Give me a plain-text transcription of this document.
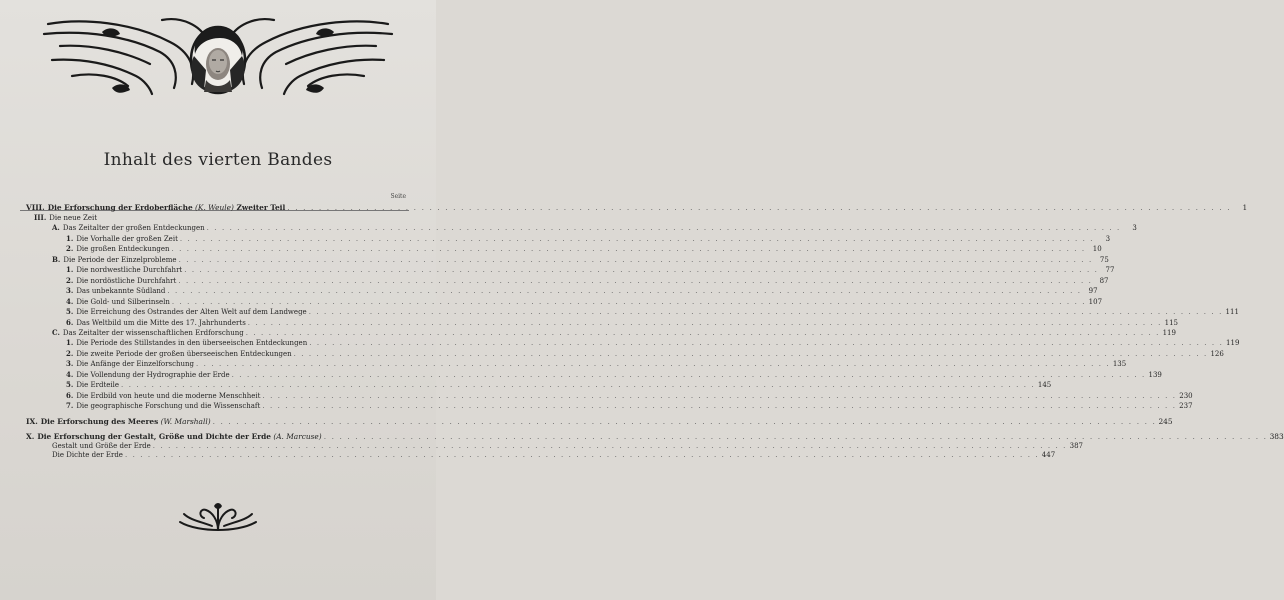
Inhalt des vierten Bandes
Seite
VIII. Die Erforschung der Erdoberfläche (K. Weule) Zweiter Teil . . . . . . . . . . . . . . . . . . . . . . . . . . . . . . . . . . . . . . . . . . . . . . . . . . . . . . . . . . . . . . . . . . . . . . . . . . . . . . . . . . . . . . . . . . . . . . . . . . . . . . . . . . . . . . . . . . . . . . . .	1
III. Die neue Zeit
A. Das Zeitalter der großen Entdeckungen . . . . . . . . . . . . . . . . . . . . . . . . . . . . . . . . . . . . . . . . . . . . . . . . . . . . . . . . . . . . . . . . . . . . . . . . . . . . . . . . . . . . . . . . . . . . . . . . . . . . . . . . . . . . . . . . . . . . . . . .	3
1. Die Vorhalle der großen Zeit . . . . . . . . . . . . . . . . . . . . . . . . . . . . . . . . . . . . . . . . . . . . . . . . . . . . . . . . . . . . . . . . . . . . . . . . . . . . . . . . . . . . . . . . . . . . . . . . . . . . . . . . . . . . . . . . . . . . . . . .	3
2. Die großen Entdeckungen . . . . . . . . . . . . . . . . . . . . . . . . . . . . . . . . . . . . . . . . . . . . . . . . . . . . . . . . . . . . . . . . . . . . . . . . . . . . . . . . . . . . . . . . . . . . . . . . . . . . . . . . . . . . . . . . . . . . . . . .	10
B. Die Periode der Einzelprobleme . . . . . . . . . . . . . . . . . . . . . . . . . . . . . . . . . . . . . . . . . . . . . . . . . . . . . . . . . . . . . . . . . . . . . . . . . . . . . . . . . . . . . . . . . . . . . . . . . . . . . . . . . . . . . . . . . . . . . . . .	75
1. Die nordwestliche Durchfahrt . . . . . . . . . . . . . . . . . . . . . . . . . . . . . . . . . . . . . . . . . . . . . . . . . . . . . . . . . . . . . . . . . . . . . . . . . . . . . . . . . . . . . . . . . . . . . . . . . . . . . . . . . . . . . . . . . . . . . . . .	77
2. Die nordöstliche Durchfahrt . . . . . . . . . . . . . . . . . . . . . . . . . . . . . . . . . . . . . . . . . . . . . . . . . . . . . . . . . . . . . . . . . . . . . . . . . . . . . . . . . . . . . . . . . . . . . . . . . . . . . . . . . . . . . . . . . . . . . . . .	87
3. Das unbekannte Südland . . . . . . . . . . . . . . . . . . . . . . . . . . . . . . . . . . . . . . . . . . . . . . . . . . . . . . . . . . . . . . . . . . . . . . . . . . . . . . . . . . . . . . . . . . . . . . . . . . . . . . . . . . . . . . . . . . . . . . . .	97
4. Die Gold- und Silberinseln . . . . . . . . . . . . . . . . . . . . . . . . . . . . . . . . . . . . . . . . . . . . . . . . . . . . . . . . . . . . . . . . . . . . . . . . . . . . . . . . . . . . . . . . . . . . . . . . . . . . . . . . . . . . . . . . . . . . . . . . 107
5. Die Erreichung des Ostrandes der Alten Welt auf dem Landwege . . . . . . . . . . . . . . . . . . . . . . . . . . . . . . . . . . . . . . . . . . . . . . . . . . . . . . . . . . . . . . . . . . . . . . . . . . . . . . . . . . . . . . . . . . . . . . . . . . . . . . . . . . . . . . . . . . . . . . . . 111
6. Das Weltbild um die Mitte des 17. Jahrhunderts . . . . . . . . . . . . . . . . . . . . . . . . . . . . . . . . . . . . . . . . . . . . . . . . . . . . . . . . . . . . . . . . . . . . . . . . . . . . . . . . . . . . . . . . . . . . . . . . . . . . . . . . . . . . . . . . . . . . . . . . 115
C. Das Zeitalter der wissenschaftlichen Erdforschung . . . . . . . . . . . . . . . . . . . . . . . . . . . . . . . . . . . . . . . . . . . . . . . . . . . . . . . . . . . . . . . . . . . . . . . . . . . . . . . . . . . . . . . . . . . . . . . . . . . . . . . . . . . . . . . . . . . . . . . . 119
1. Die Periode des Stillstandes in den überseeischen Entdeckungen . . . . . . . . . . . . . . . . . . . . . . . . . . . . . . . . . . . . . . . . . . . . . . . . . . . . . . . . . . . . . . . . . . . . . . . . . . . . . . . . . . . . . . . . . . . . . . . . . . . . . . . . . . . . . . . . . . . . . . . . 119
2. Die zweite Periode der großen überseeischen Entdeckungen . . . . . . . . . . . . . . . . . . . . . . . . . . . . . . . . . . . . . . . . . . . . . . . . . . . . . . . . . . . . . . . . . . . . . . . . . . . . . . . . . . . . . . . . . . . . . . . . . . . . . . . . . . . . . . . . . . . . . . . . 126
3. Die Anfänge der Einzelforschung . . . . . . . . . . . . . . . . . . . . . . . . . . . . . . . . . . . . . . . . . . . . . . . . . . . . . . . . . . . . . . . . . . . . . . . . . . . . . . . . . . . . . . . . . . . . . . . . . . . . . . . . . . . . . . . . . . . . . . . . 135
4. Die Vollendung der Hydrographie der Erde . . . . . . . . . . . . . . . . . . . . . . . . . . . . . . . . . . . . . . . . . . . . . . . . . . . . . . . . . . . . . . . . . . . . . . . . . . . . . . . . . . . . . . . . . . . . . . . . . . . . . . . . . . . . . . . . . . . . . . . . 139
5. Die Erdteile . . . . . . . . . . . . . . . . . . . . . . . . . . . . . . . . . . . . . . . . . . . . . . . . . . . . . . . . . . . . . . . . . . . . . . . . . . . . . . . . . . . . . . . . . . . . . . . . . . . . . . . . . . . . . . . . . . . . . . . . 145
6. Die Erdbild von heute und die moderne Menschheit . . . . . . . . . . . . . . . . . . . . . . . . . . . . . . . . . . . . . . . . . . . . . . . . . . . . . . . . . . . . . . . . . . . . . . . . . . . . . . . . . . . . . . . . . . . . . . . . . . . . . . . . . . . . . . . . . . . . . . . . 230
7. Die geographische Forschung und die Wissenschaft . . . . . . . . . . . . . . . . . . . . . . . . . . . . . . . . . . . . . . . . . . . . . . . . . . . . . . . . . . . . . . . . . . . . . . . . . . . . . . . . . . . . . . . . . . . . . . . . . . . . . . . . . . . . . . . . . . . . . . . . 237
IX. Die Erforschung des Meeres (W. Marshall) . . . . . . . . . . . . . . . . . . . . . . . . . . . . . . . . . . . . . . . . . . . . . . . . . . . . . . . . . . . . . . . . . . . . . . . . . . . . . . . . . . . . . . . . . . . . . . . . . . . . . . . . . . . . . . . . . . . . . . . . 245
X. Die Erforschung der Gestalt, Größe und Dichte der Erde (A. Marcuse) . . . . . . . . . . . . . . . . . . . . . . . . . . . . . . . . . . . . . . . . . . . . . . . . . . . . . . . . . . . . . . . . . . . . . . . . . . . . . . . . . . . . . . . . . . . . . . . . . . . . . . . . . . . . . . . . . . . . . . . . 383
Gestalt und Größe der Erde . . . . . . . . . . . . . . . . . . . . . . . . . . . . . . . . . . . . . . . . . . . . . . . . . . . . . . . . . . . . . . . . . . . . . . . . . . . . . . . . . . . . . . . . . . . . . . . . . . . . . . . . . . . . . . . . . . . . . . . . 387
Die Dichte der Erde . . . . . . . . . . . . . . . . . . . . . . . . . . . . . . . . . . . . . . . . . . . . . . . . . . . . . . . . . . . . . . . . . . . . . . . . . . . . . . . . . . . . . . . . . . . . . . . . . . . . . . . . . . . . . . . . . . . . . . . . 447
